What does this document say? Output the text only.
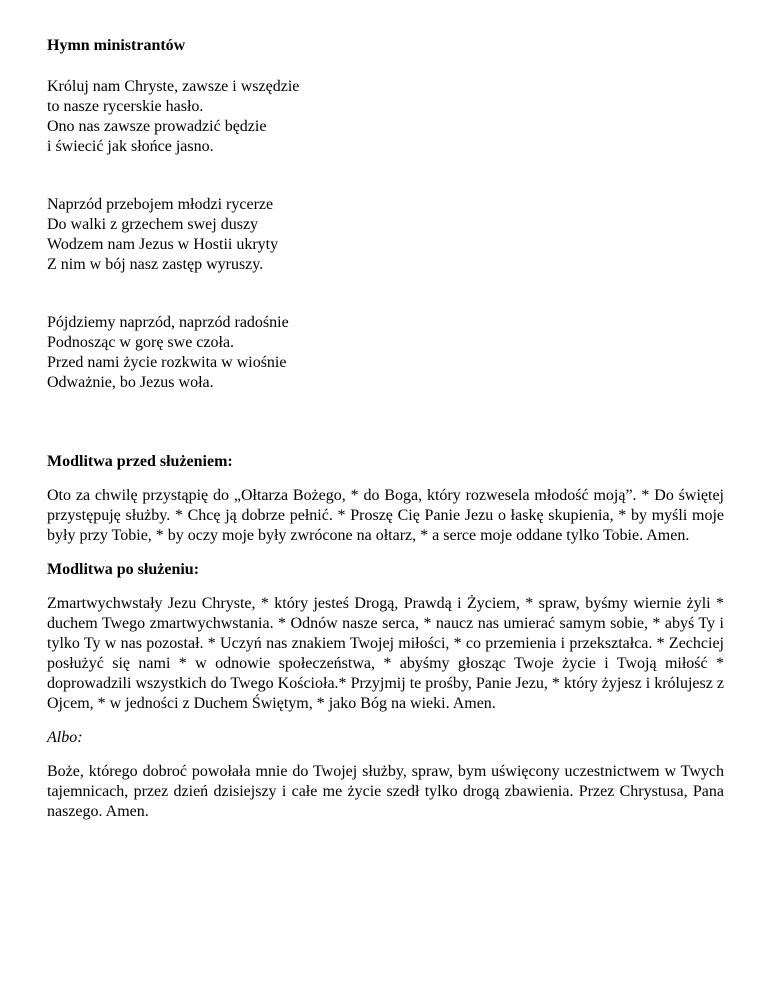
Hymn ministrantów

Króluj nam Chryste, zawsze i wszędzie
to nasze rycerskie hasło.
Ono nas zawsze prowadzić będzie
i świecić jak słońce jasno.
Naprzód przebojem młodzi rycerze
Do walki z grzechem swej duszy
Wodzem nam Jezus w Hostii ukryty
Z nim w bój nasz zastęp wyruszy.
Pójdziemy naprzód, naprzód radośnie
Podnosząc w gorę swe czoła.
Przed nami życie rozkwita w wiośnie
Odważnie, bo Jezus woła.

Modlitwa przed służeniem:

Oto za chwilę przystąpię do „Ołtarza Bożego, * do Boga, który rozwesela młodość moją”. * Do świętej przystępuję służby. * Chcę ją dobrze pełnić. * Proszę Cię Panie Jezu o łaskę skupienia, * by myśli moje były przy Tobie, * by oczy moje były zwrócone na ołtarz, * a serce moje oddane tylko Tobie. Amen.

Modlitwa po służeniu:

Zmartwychwstały Jezu Chryste, * który jesteś Drogą, Prawdą i Życiem, * spraw, byśmy wiernie żyli * duchem Twego zmartwychwstania. * Odnów nasze serca, * naucz nas umierać samym sobie, * abyś Ty i tylko Ty w nas pozostał. * Uczyń nas znakiem Twojej miłości, * co przemienia i przekształca. * Zechciej posłużyć się nami * w odnowie społeczeństwa, * abyśmy głosząc Twoje życie i Twoją miłość * doprowadzili wszystkich do Twego Kościoła.* Przyjmij te prośby, Panie Jezu, * który żyjesz i królujesz z Ojcem, * w jedności z Duchem Świętym, * jako Bóg na wieki. Amen.

Albo:

Boże, którego dobroć powołała mnie do Twojej służby, spraw, bym uświęcony uczestnictwem w Twych tajemnicach, przez dzień dzisiejszy i całe me życie szedł tylko drogą zbawienia. Przez Chrystusa, Pana naszego. Amen.
